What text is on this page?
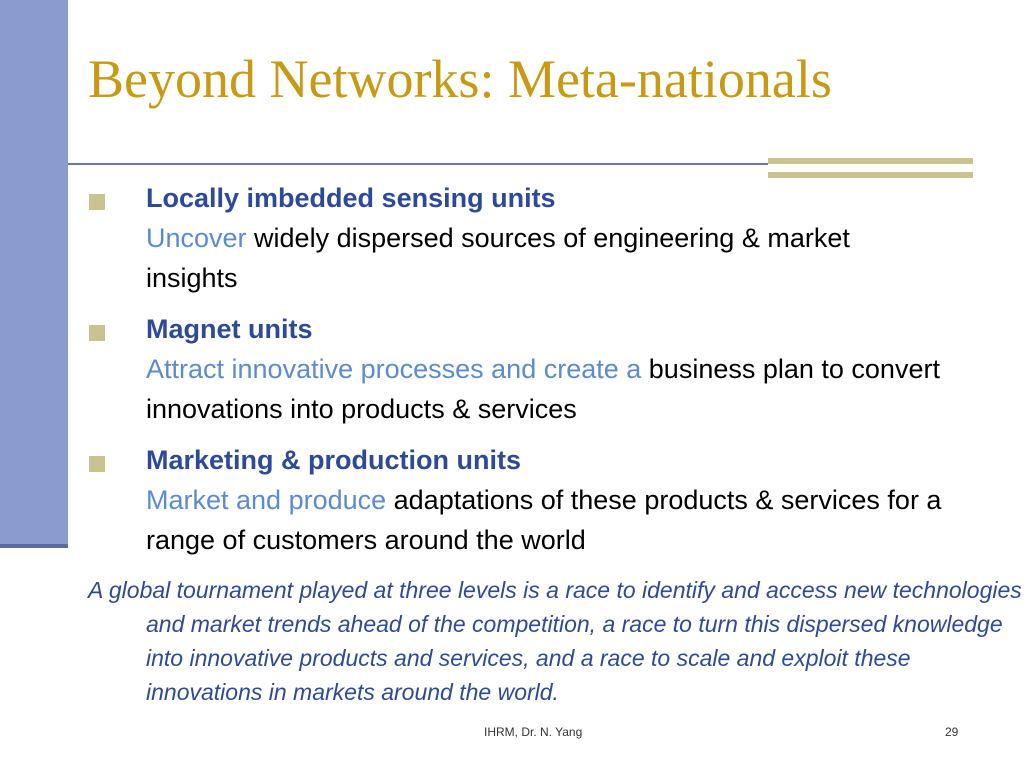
Beyond Networks: Meta-nationals
Locally imbedded sensing units
Uncover widely dispersed sources of engineering & market insights
Magnet units
Attract innovative processes and create a business plan to convert innovations into products & services
Marketing & production units
Market and produce adaptations of these products & services for a range of customers around the world

A global tournament played at three levels is a race to identify and access new technologies and market trends ahead of the competition, a race to turn this dispersed knowledge into innovative products and services, and a race to scale and exploit these innovations in markets around the world.

IHRM, Dr. N. Yang	29
